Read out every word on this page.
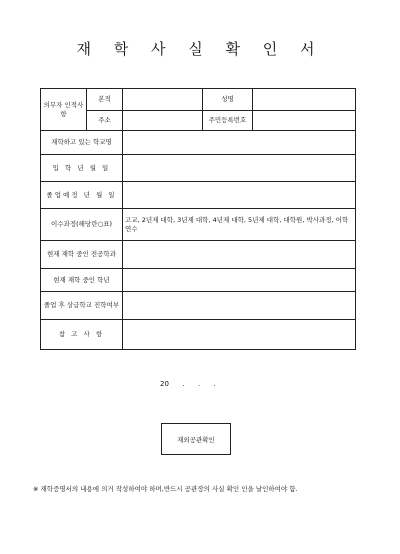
재 학 사 실 확 인 서
의무자 인적사항	본적		성명	
	주소		주민등록번호	
재학하고 있는 학교명				
입 학 년 월 일				
졸업예정 년 월 일				
이수과정(해당란○표)		고교, 2년제 대학, 3년제 대학, 4년제 대학, 5년제 대학, 대학원, 박사과정, 어학연수		
현재 재학 중인 전공학과				
현재 재학 중인 학년				
졸업 후 상급학교 진학여부				
참 고 사 항				
20      .      .      .
재외공관확인
※ 재학증명서의 내용에 의거 작성하여야 하며,반드시 공관장의 사실 확인 인을 날인하여야 함.
